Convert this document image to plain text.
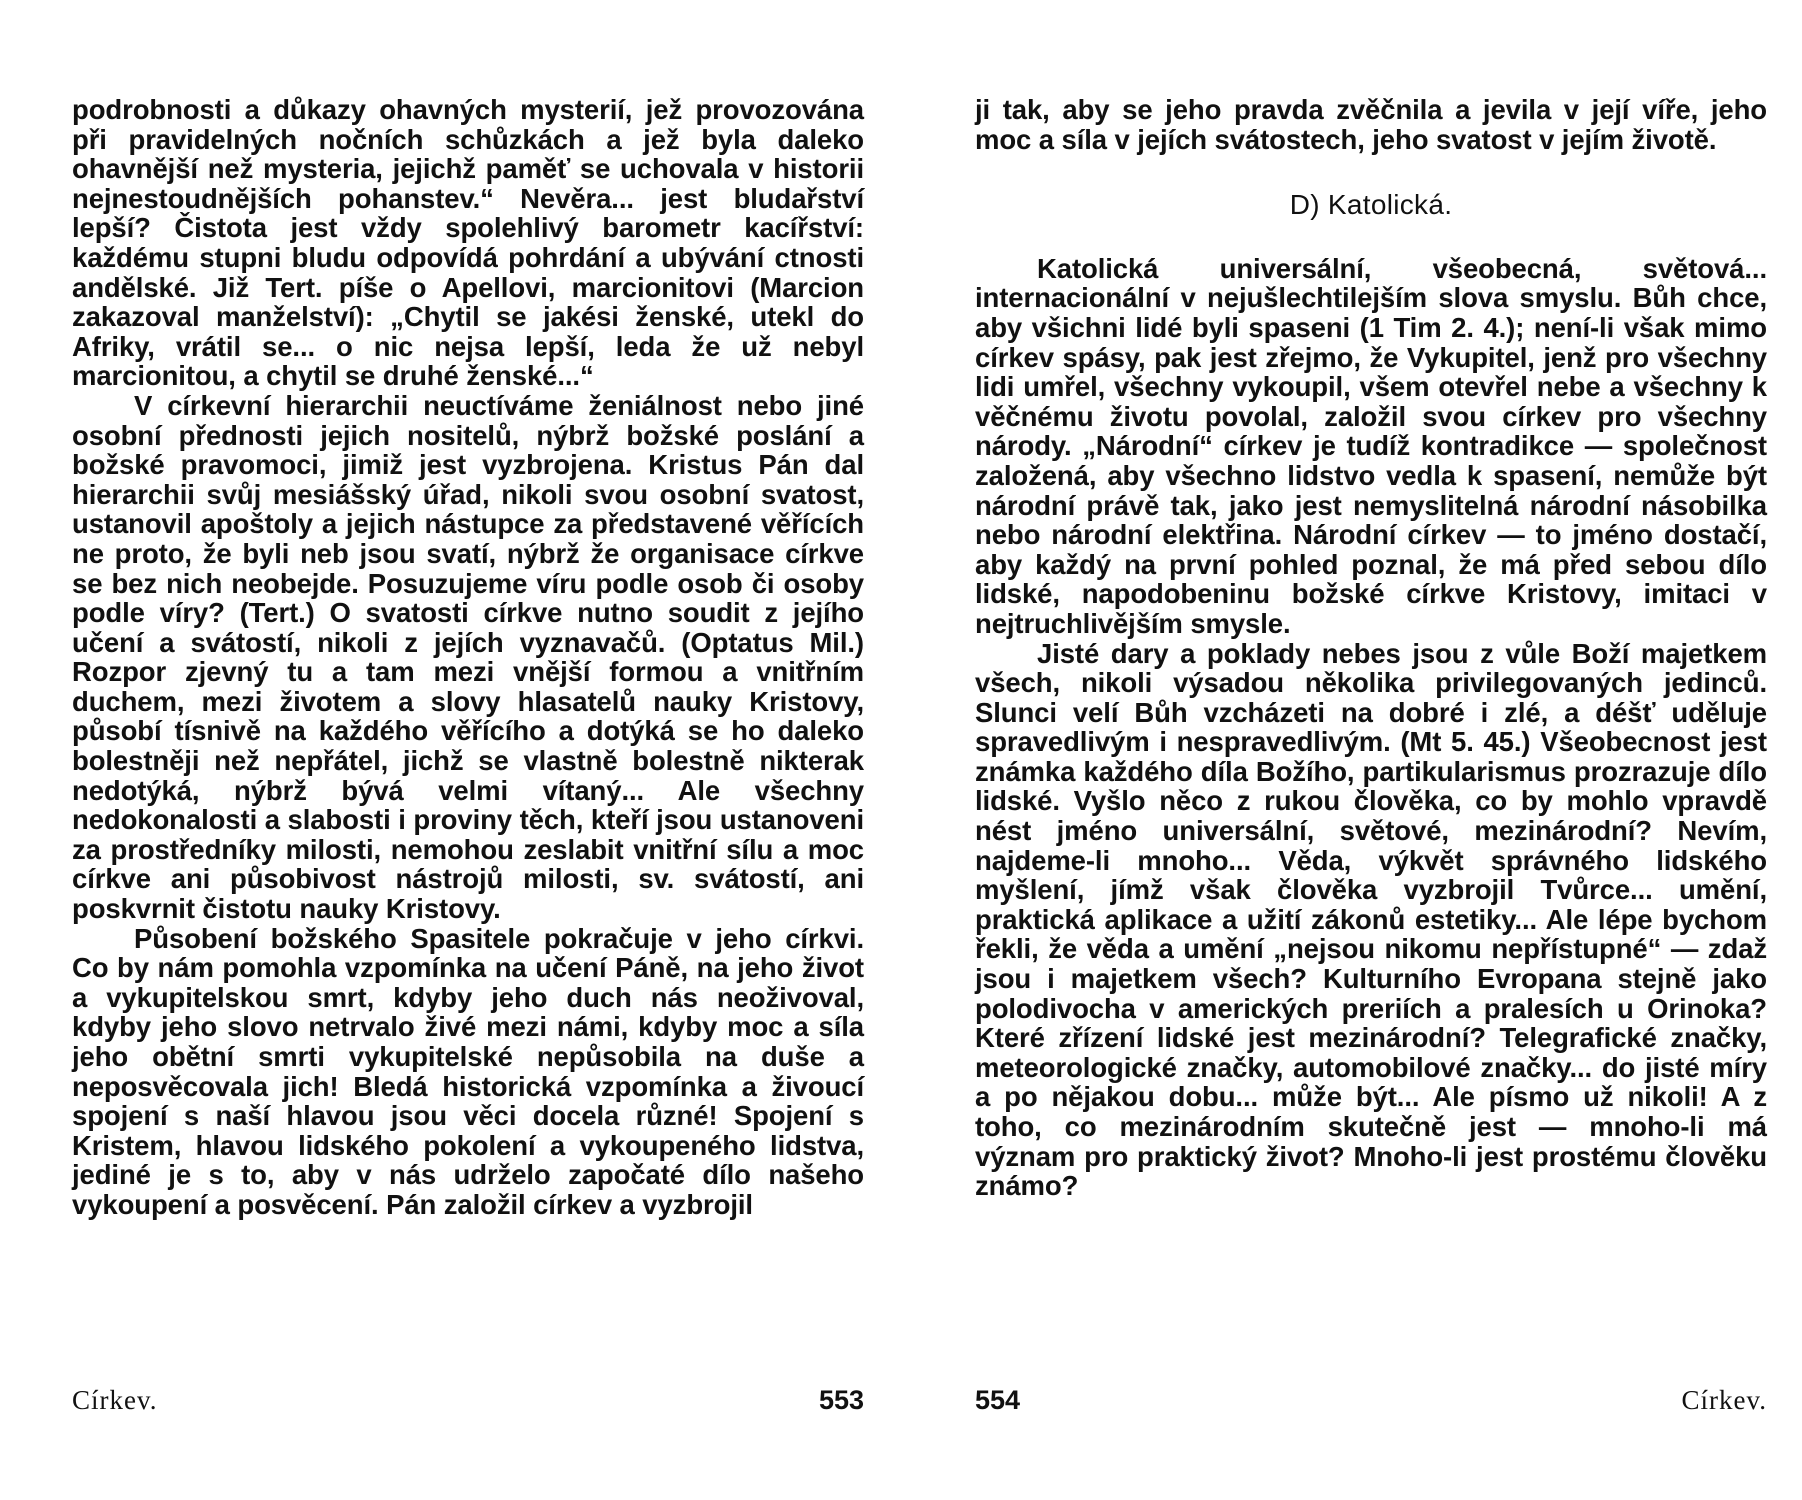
podrobnosti a důkazy ohavných mysterií, jež provozována při pravidelných nočních schůzkách a jež byla daleko ohavnější než mysteria, jejichž paměť se uchovala v historii nejnestoudnějších pohanstev.“ Nevěra... jest bludařství lepší? Čistota jest vždy spolehlivý barometr kacířství: každému stupni bludu odpovídá pohrdání a ubývání ctnosti andělské. Již Tert. píše o Apellovi, marcionitovi (Marcion zakazoval manželství): „Chytil se jakési ženské, utekl do Afriky, vrátil se... o nic nejsa lepší, leda že už nebyl marcionitou, a chytil se druhé ženské...“

V církevní hierarchii neuctíváme ženiálnost nebo jiné osobní přednosti jejich nositelů, nýbrž božské poslání a božské pravomoci, jimiž jest vyzbrojena. Kristus Pán dal hierarchii svůj mesiášský úřad, nikoli svou osobní svatost, ustanovil apoštoly a jejich nástupce za představené věřících ne proto, že byli neb jsou svatí, nýbrž že organisace církve se bez nich neobejde. Posuzujeme víru podle osob či osoby podle víry? (Tert.) O svatosti církve nutno soudit z jejího učení a svátostí, nikoli z jejích vyznavačů. (Optatus Mil.) Rozpor zjevný tu a tam mezi vnější formou a vnitřním duchem, mezi životem a slovy hlasatelů nauky Kristovy, působí tísnivě na každého věřícího a dotýká se ho daleko bolestněji než nepřátel, jichž se vlastně bolestně nikterak nedotýká, nýbrž bývá velmi vítaný... Ale všechny nedokonalosti a slabosti i proviny těch, kteří jsou ustanoveni za prostředníky milosti, nemohou zeslabit vnitřní sílu a moc církve ani působivost nástrojů milosti, sv. svátostí, ani poskvrnit čistotu nauky Kristovy.

Působení božského Spasitele pokračuje v jeho církvi. Co by nám pomohla vzpomínka na učení Páně, na jeho život a vykupitelskou smrt, kdyby jeho duch nás neoživoval, kdyby jeho slovo netrvalo živé mezi námi, kdyby moc a síla jeho obětní smrti vykupitelské nepůsobila na duše a neposvěcovala jich! Bledá historická vzpomínka a živoucí spojení s naší hlavou jsou věci docela různé! Spojení s Kristem, hlavou lidského pokolení a vykoupeného lidstva, jediné je s to, aby v nás udrželo započaté dílo našeho vykoupení a posvěcení. Pán založil církev a vyzbrojil

Církev.	553

ji tak, aby se jeho pravda zvěčnila a jevila v její víře, jeho moc a síla v jejích svátostech, jeho svatost v jejím životě.

D) Katolická.

Katolická universální, všeobecná, světová... internacionální v nejušlechtilejším slova smyslu. Bůh chce, aby všichni lidé byli spaseni (1 Tim 2. 4.); není-li však mimo církev spásy, pak jest zřejmo, že Vykupitel, jenž pro všechny lidi umřel, všechny vykoupil, všem otevřel nebe a všechny k věčnému životu povolal, založil svou církev pro všechny národy. „Národní“ církev je tudíž kontradikce — společnost založená, aby všechno lidstvo vedla k spasení, nemůže být národní právě tak, jako jest nemyslitelná národní násobilka nebo národní elektřina. Národní církev — to jméno dostačí, aby každý na první pohled poznal, že má před sebou dílo lidské, napodobeninu božské církve Kristovy, imitaci v nejtruchlivějším smysle.

Jisté dary a poklady nebes jsou z vůle Boží majetkem všech, nikoli výsadou několika privilegovaných jedinců. Slunci velí Bůh vzcházeti na dobré i zlé, a déšť uděluje spravedlivým i nespravedlivým. (Mt 5. 45.) Všeobecnost jest známka každého díla Božího, partikularismus prozrazuje dílo lidské. Vyšlo něco z rukou člověka, co by mohlo vpravdě nést jméno universální, světové, mezinárodní? Nevím, najdeme-li mnoho... Věda, výkvět správného lidského myšlení, jímž však člověka vyzbrojil Tvůrce... umění, praktická aplikace a užití zákonů estetiky... Ale lépe bychom řekli, že věda a umění „nejsou nikomu nepřístupné“ — zdaž jsou i majetkem všech? Kulturního Evropana stejně jako polodivocha v amerických preriích a pralesích u Orinoka? Které zřízení lidské jest mezinárodní? Telegrafické značky, meteorologické značky, automobilové značky... do jisté míry a po nějakou dobu... může být... Ale písmo už nikoli! A z toho, co mezinárodním skutečně jest — mnoho-li má význam pro praktický život? Mnoho-li jest prostému člověku známo?

554	Církev.
